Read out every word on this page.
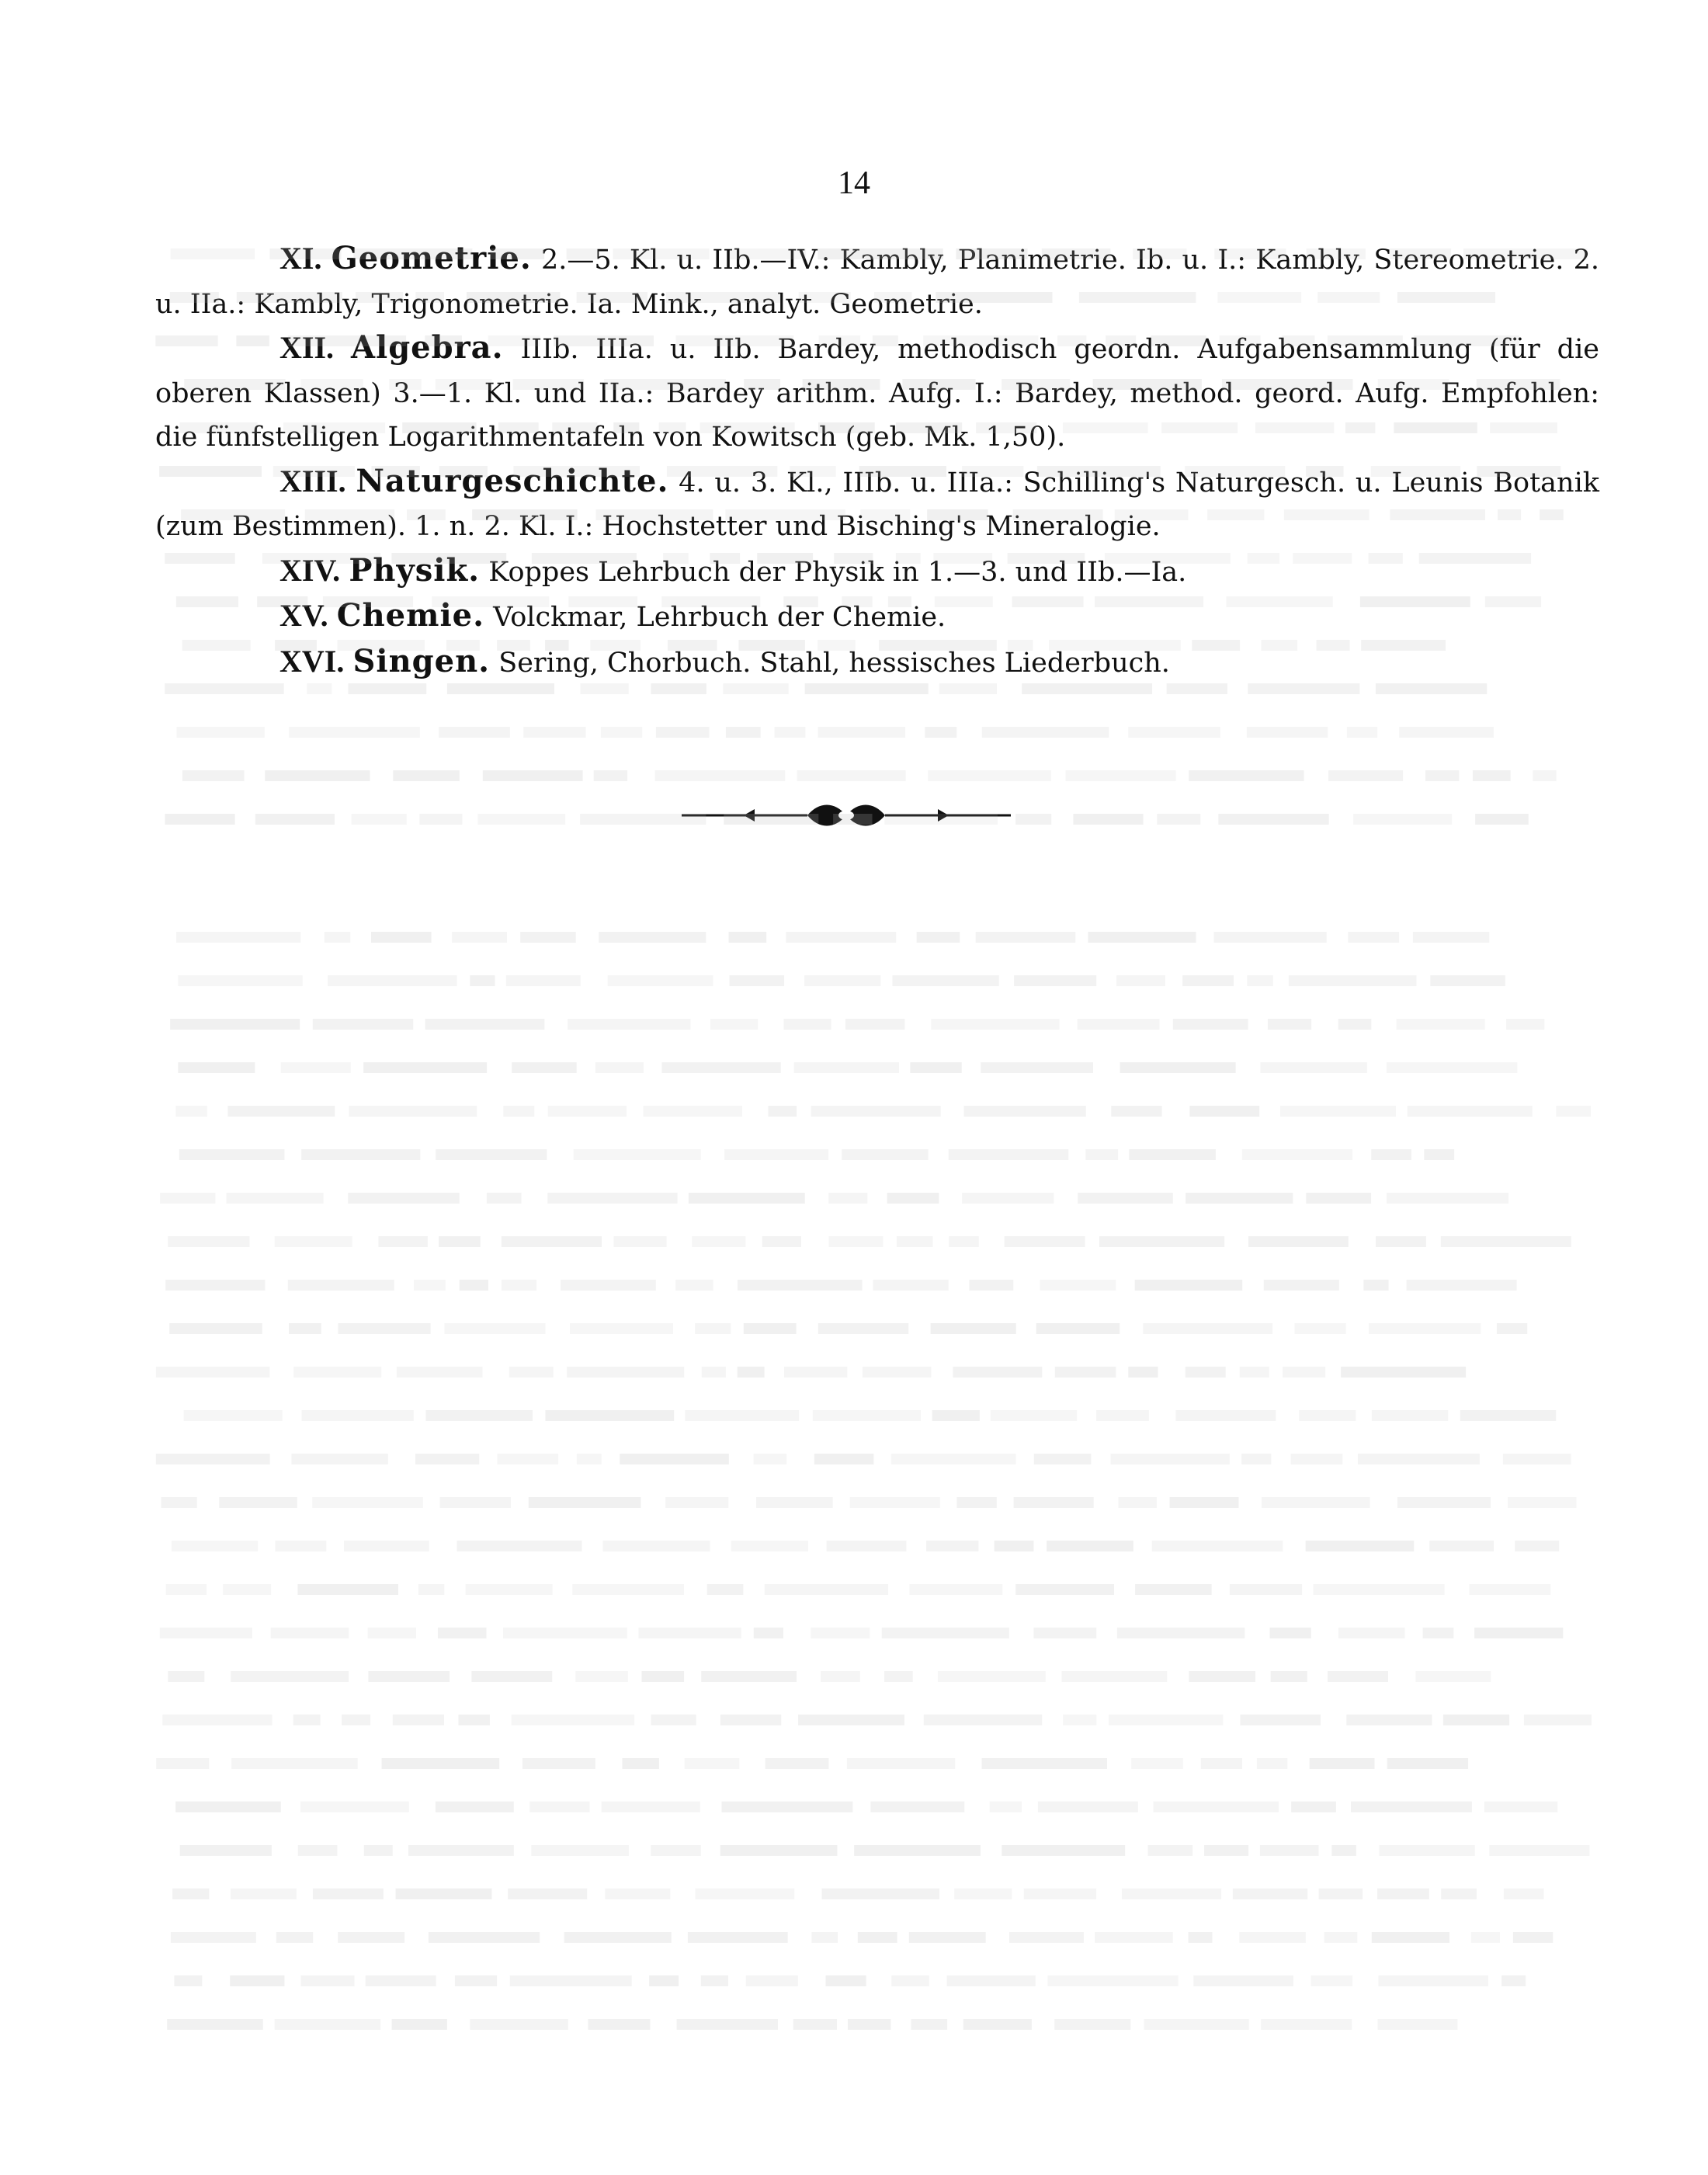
14

XI. Geometrie. 2.—5. Kl. u. IIb.—IV.: Kambly, Planimetrie. Ib. u. I.: Kambly, Stereometrie. 2. u. IIa.: Kambly, Trigonometrie. Ia. Mink., analyt. Geometrie.

XII. Algebra. IIIb. IIIa. u. IIb. Bardey, methodisch geordn. Aufgabensammlung (für die oberen Klassen) 3.—1. Kl. und IIa.: Bardey arithm. Aufg. I.: Bardey, method. geord. Aufg. Empfohlen: die fünfstelligen Logarithmentafeln von Kowitsch (geb. Mk. 1,50).

XIII. Naturgeschichte. 4. u. 3. Kl., IIIb. u. IIIa.: Schilling's Naturgesch. u. Leunis Botanik (zum Bestimmen). 1. n. 2. Kl. I.: Hochstetter und Bisching's Mineralogie.

XIV. Physik. Koppes Lehrbuch der Physik in 1.—3. und IIb.—Ia.

XV. Chemie. Volckmar, Lehrbuch der Chemie.

XVI. Singen. Sering, Chorbuch. Stahl, hessisches Liederbuch.
